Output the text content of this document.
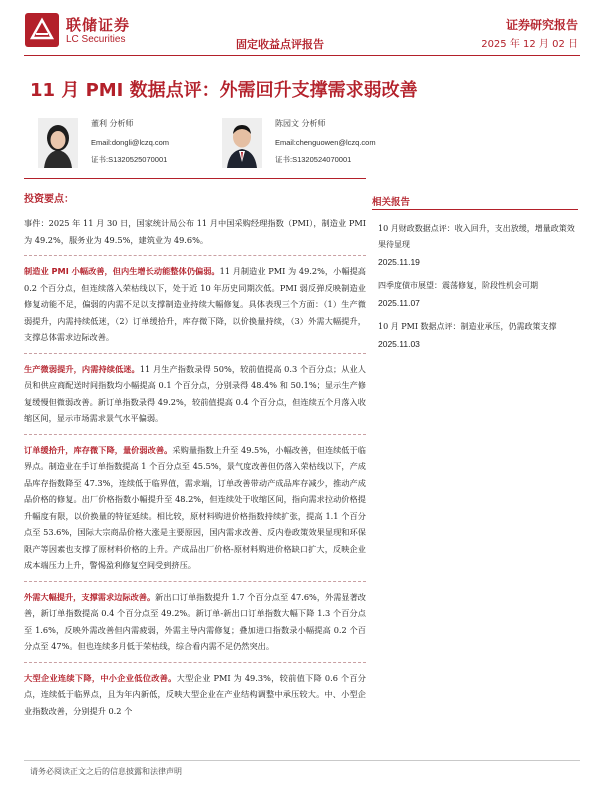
联储证券
LC Securities	固定收益点评报告
证券研究报告
2025 年 12 月 02 日
11 月 PMI 数据点评：外需回升支撑需求弱改善
董利 分析师
Email:dongli@lczq.com
证书:S1320525070001
陈园文 分析师
Email:chenguowen@lczq.com
证书:S1320524070001
投资要点：

事件：2025 年 11 月 30 日，国家统计局公布 11 月中国采购经理指数（PMI），制造业 PMI 为 49.2%，服务业为 49.5%，建筑业为 49.6%。

制造业 PMI 小幅改善，但内生增长动能整体仍偏弱。11 月制造业 PMI 为 49.2%，小幅提高 0.2 个百分点，但连续落入荣枯线以下，处于近 10 年历史同期次低。PMI 弱反弹反映制造业修复动能不足，偏弱的内需不足以支撑制造业持续大幅修复。具体表现三个方面：（1）生产微弱提升，内需持续低迷，（2）订单缓拾升，库存微下降，以价换量持续，（3）外需大幅提升，支撑总体需求边际改善。

生产微弱提升，内需持续低迷。11 月生产指数录得 50%，较前值提高 0.3 个百分点；从业人员和供应商配送时间指数均小幅提高 0.1 个百分点，分别录得 48.4% 和 50.1%；显示生产修复缓慢但微弱改善。新订单指数录得 49.2%，较前值提高 0.4 个百分点，但连续五个月落入收缩区间，显示市场需求景气水平偏弱。

订单缓拾升，库存微下降，量价弱改善。采购量指数上升至 49.5%，小幅改善，但连续低于临界点。制造业在手订单指数提高 1 个百分点至 45.5%，景气度改善但仍落入荣枯线以下，产成品库存指数降至 47.3%，连续低于临界值，需求端，订单改善带动产成品库存减少，推动产成品价格的修复。出厂价格指数小幅提升至 48.2%，但连续处于收缩区间，指向需求拉动价格提升幅度有限，以价换量的特征延续。相比较，原材料购进价格指数持续扩张，提高 1.1 个百分点至 53.6%，国际大宗商品价格大涨是主要原因，国内需求改善、反内卷政策效果显现和环保限产等因素也支撑了原材料价格的上升。产成品出厂价格-原材料购进价格缺口扩大，反映企业成本端压力上升，警惕盈利修复空间受到挤压。

外需大幅提升，支撑需求边际改善。新出口订单指数提升 1.7 个百分点至 47.6%，外需显著改善，新订单指数提高 0.4 个百分点至 49.2%。新订单-新出口订单指数大幅下降 1.3 个百分点至 1.6%，反映外需改善但内需疲弱，外需主导内需修复；叠加进口指数录小幅提高 0.2 个百分点至 47%。但也连续多月低于荣枯线，综合看内需不足仍然突出。

大型企业连续下降，中小企业低位改善。大型企业 PMI 为 49.3%，较前值下降 0.6 个百分点，连续低于临界点，且为年内新低，反映大型企业在产业结构调整中承压较大。中、小型企业指数改善，分别提升 0.2 个

相关报告
10 月财政数据点评：收入回升，支出放缓，增量政策效果待显现
2025.11.19
四季度债市展望：震荡修复，阶段性机会可期
2025.11.07
10 月 PMI 数据点评：制造业承压，仍需政策支撑
2025.11.03
请务必阅读正文之后的信息披露和法律声明
